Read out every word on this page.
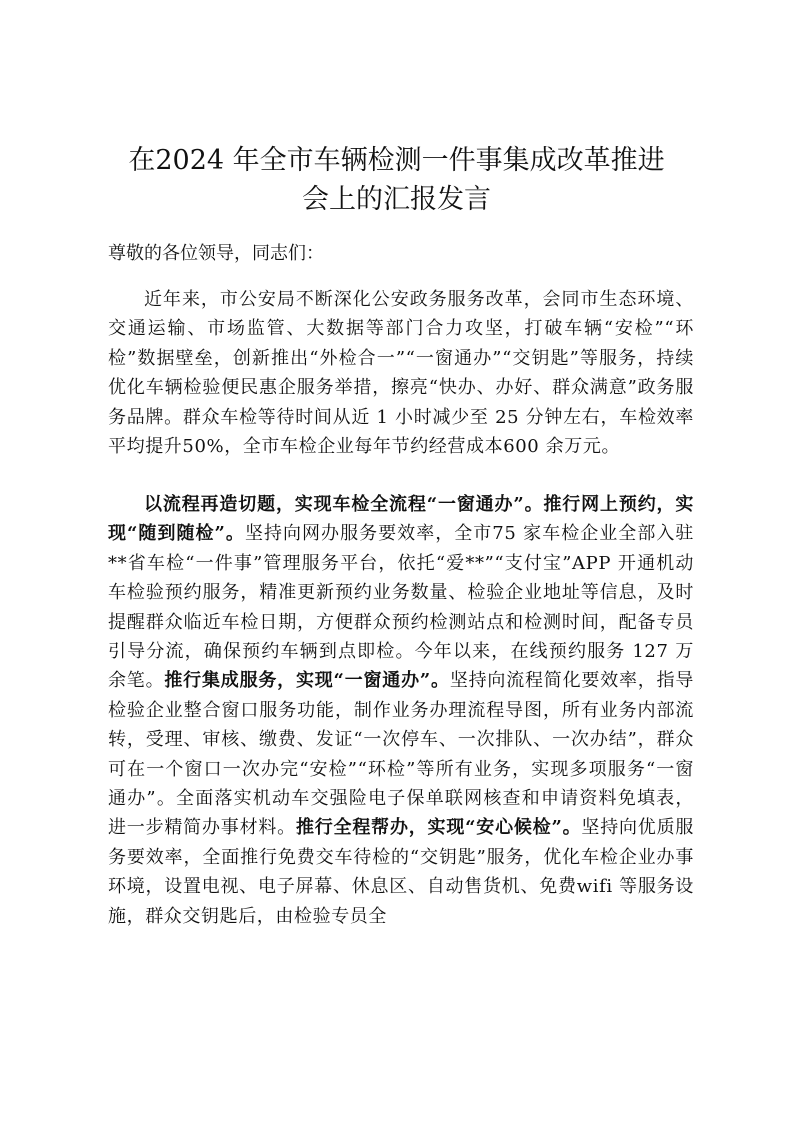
在2024 年全市车辆检测一件事集成改革推进
会上的汇报发言

尊敬的各位领导，同志们：

近年来，市公安局不断深化公安政务服务改革，会同市生态环境、交通运输、市场监管、大数据等部门合力攻坚，打破车辆“安检”“环检”数据壁垒，创新推出“外检合一”“一窗通办”“交钥匙”等服务，持续优化车辆检验便民惠企服务举措，擦亮“快办、办好、群众满意”政务服务品牌。群众车检等待时间从近 1 小时减少至 25 分钟左右，车检效率平均提升50%，全市车检企业每年节约经营成本600 余万元。

以流程再造切题，实现车检全流程“一窗通办”。推行网上预约，实现“随到随检”。坚持向网办服务要效率，全市75 家车检企业全部入驻**省车检“一件事”管理服务平台，依托“爱**”“支付宝”APP 开通机动车检验预约服务，精准更新预约业务数量、检验企业地址等信息，及时提醒群众临近车检日期，方便群众预约检测站点和检测时间，配备专员引导分流，确保预约车辆到点即检。今年以来，在线预约服务 127 万余笔。推行集成服务，实现“一窗通办”。坚持向流程简化要效率，指导检验企业整合窗口服务功能，制作业务办理流程导图，所有业务内部流转，受理、审核、缴费、发证“一次停车、一次排队、一次办结”，群众可在一个窗口一次办完“安检”“环检”等所有业务，实现多项服务“一窗通办”。全面落实机动车交强险电子保单联网核查和申请资料免填表，进一步精简办事材料。推行全程帮办，实现“安心候检”。坚持向优质服务要效率，全面推行免费交车待检的“交钥匙”服务，优化车检企业办事环境，设置电视、电子屏幕、休息区、自动售货机、免费wifi 等服务设施，群众交钥匙后，由检验专员全
